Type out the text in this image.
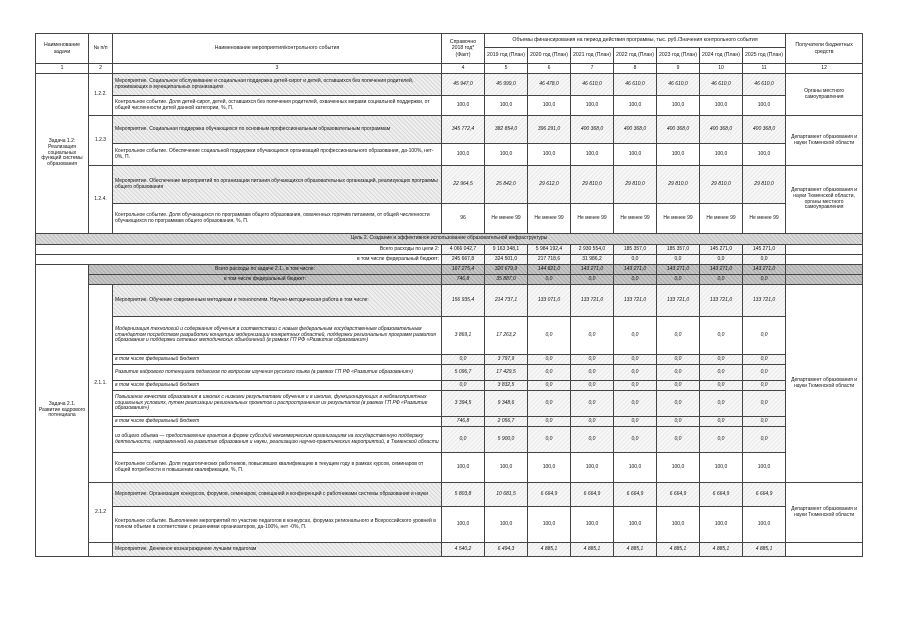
Наименование задачи	№ п/п	Наименование мероприятия/контрольного события	Справочно 2018 год* (Факт)	Объемы финансирования на период действия программы, тыс. руб./Значения контрольного события							Получатели бюджетных средств
				2019 год (План)	2020 год (План)	2021 год (План)	2022 год (План)	2023 год (План)	2024 год (План)	2025 год (План)	
1	2	3	4	5	6	7	8	9	10	11	12
Задача 1.2: Реализация социальных функций системы образования	1.2.2.	Мероприятие. Социальное обслуживание и социальная поддержка детей-сирот и детей, оставшихся без попечения родителей, проживающих в муниципальных организациях	45 947,0	45 999,0	46 478,0	46 610,0	46 610,0	46 610,0	46 610,0	46 610,0	Органы местного самоуправления
		Контрольное событие. Доля детей-сирот, детей, оставшихся без попечения родителей, охваченных мерами социальной поддержки, от общей численности детей данной категории, %, П.	100,0	100,0	100,0	100,0	100,0	100,0	100,0	100,0	
	1.2.3	Мероприятие. Социальная поддержка обучающихся по основным профессиональным образовательным программам	345 772,4	382 854,0	396 291,0	400 368,0	400 368,0	400 368,0	400 368,0	400 368,0	Департамент образования и науки Тюменской области
		Контрольное событие. Обеспечение социальной поддержки обучающихся организаций профессионального образования, да-100%, нет- 0%, П.	100,0	100,0	100,0	100,0	100,0	100,0	100,0	100,0	
	1.2.4.	Мероприятие. Обеспечение мероприятий по организации питания обучающихся образовательных организаций, реализующих программы общего образования	22 964,5	25 842,0	29 612,0	29 810,0	29 810,0	29 810,0	29 810,0	29 810,0	Департамент образования и науки Тюменской области, органы местного самоуправления
		Контрольное событие. Доля обучающихся по программам общего образования, охваченных горячим питанием, от общей численности обучающихся по программам общего образования, %, П.	96	Не менее 99	Не менее 99	Не менее 99	Не менее 99	Не менее 99	Не менее 99	Не менее 99	
Цель 2. Создание и эффективное использование образовательной инфраструктуры											
Всего расходы по цели 2:			4 066 042,7	9 163 348,1	5 984 192,4	2 930 554,0	185 357,0	185 357,0	145 271,0	145 271,0	
в том числе федеральный бюджет:			245 667,8	324 501,0	217 718,6	31 986,2	0,0	0,0	0,0	0,0	
Задача 2.1. Развитие кадрового потенциала	Всего расходы по задаче 2.1., в том числе:		167 275,4	320 679,9	144 821,0	143 271,0	143 271,0	143 271,0	143 271,0	143 271,0	
	в том числе федеральный бюджет:		746,8	35 887,0	0,0	0,0	0,0	0,0	0,0	0,0	
	2.1.1.	Мероприятие. Обучение современным методикам и технологиям. Научно-методическая работа в том числе:	156 935,4	214 737,1	133 071,0	133 721,0	133 721,0	133 721,0	133 721,0	133 721,0	Департамент образования и науки Тюменской области
		Модернизация технологий и содержания обучения в соответствии с новым федеральным государственным образовательным стандартом посредством разработки концепции модернизации конкретных областей, поддержки региональных программ развития образования и поддержки сетевых методических объединений (в рамках ГП РФ «Развитие образования»)	3 869,1	17 263,2	0,0	0,0	0,0	0,0	0,0	0,0	
		в том числе федеральный бюджет	0,0	3 797,9	0,0	0,0	0,0	0,0	0,0	0,0	
		Развитие кадрового потенциала педагогов по вопросам изучения русского языка (в рамках ГП РФ «Развитие образования»)	5 096,7	17 429,5	0,0	0,0	0,0	0,0	0,0	0,0	
		в том числе федеральный бюджет	0,0	3 832,5	0,0	0,0	0,0	0,0	0,0	0,0	
		Повышение качества образования в школах с низкими результатами обучения и в школах, функционирующих в неблагоприятных социальных условиях, путем реализации региональных проектов и распространения их результатов (в рамках ГП РФ «Развитие образования»)	3 394,5	9 348,6	0,0	0,0	0,0	0,0	0,0	0,0	
		в том числе федеральный бюджет	746,8	2 056,7	0,0	0,0	0,0	0,0	0,0	0,0	
		из общего объема — предоставление грантов в форме субсидий некоммерческим организациям на государственную поддержку деятельности, направленной на развитие образования и науки, реализацию научно-практических мероприятий, в Тюменской области	0,0	5 900,0	0,0	0,0	0,0	0,0	0,0	0,0	
		Контрольное событие. Доля педагогических работников, повысивших квалификацию в текущем году в рамках курсов, семинаров от общей потребности в повышении квалификации, %, П.	100,0	100,0	100,0	100,0	100,0	100,0	100,0	100,0	
	2.1.2	Мероприятие. Организация конкурсов, форумов, семинаров, совещаний и конференций с работниками системы образования и науки	5 803,8	10 681,5	6 664,9	6 664,9	6 664,9	6 664,9	6 664,9	6 664,9	Департамент образования и науки Тюменской области
		Контрольное событие. Выполнение мероприятий по участию педагогов в конкурсах, форумах регионального и Всероссийского уровней в полном объеме в соответствии с решениями организаторов, да-100%, нет -0%, П.	100,0	100,0	100,0	100,0	100,0	100,0	100,0	100,0	
		Мероприятие. Денежное вознаграждение лучшим педагогам	4 540,2	6 494,3	4 885,1	4 885,1	4 885,1	4 885,1	4 885,1	4 885,1	
